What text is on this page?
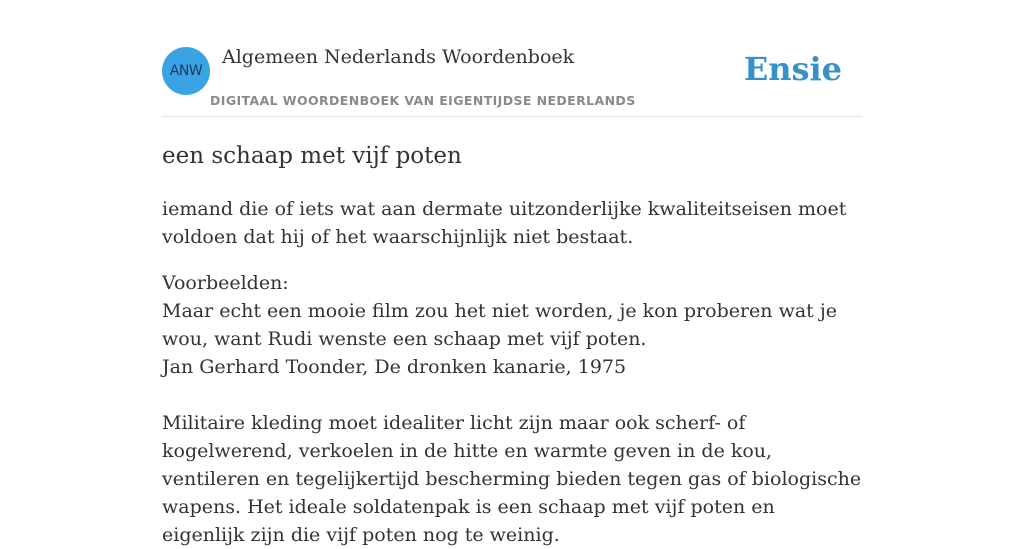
ANW
Algemeen Nederlands Woordenboek
DIGITAAL WOORDENBOEK VAN EIGENTIJDSE NEDERLANDS
Ensie
een schaap met vijf poten

iemand die of iets wat aan dermate uitzonderlijke kwaliteitseisen moet voldoen dat hij of het waarschijnlijk niet bestaat.

Voorbeelden:

Maar echt een mooie film zou het niet worden, je kon proberen wat je wou, want Rudi wenste een schaap met vijf poten.
Jan Gerhard Toonder, De dronken kanarie, 1975

Militaire kleding moet idealiter licht zijn maar ook scherf- of kogelwerend, verkoelen in de hitte en warmte geven in de kou, ventileren en tegelijkertijd bescherming bieden tegen gas of biologische wapens. Het ideale soldatenpak is een schaap met vijf poten en eigenlijk zijn die vijf poten nog te weinig.
